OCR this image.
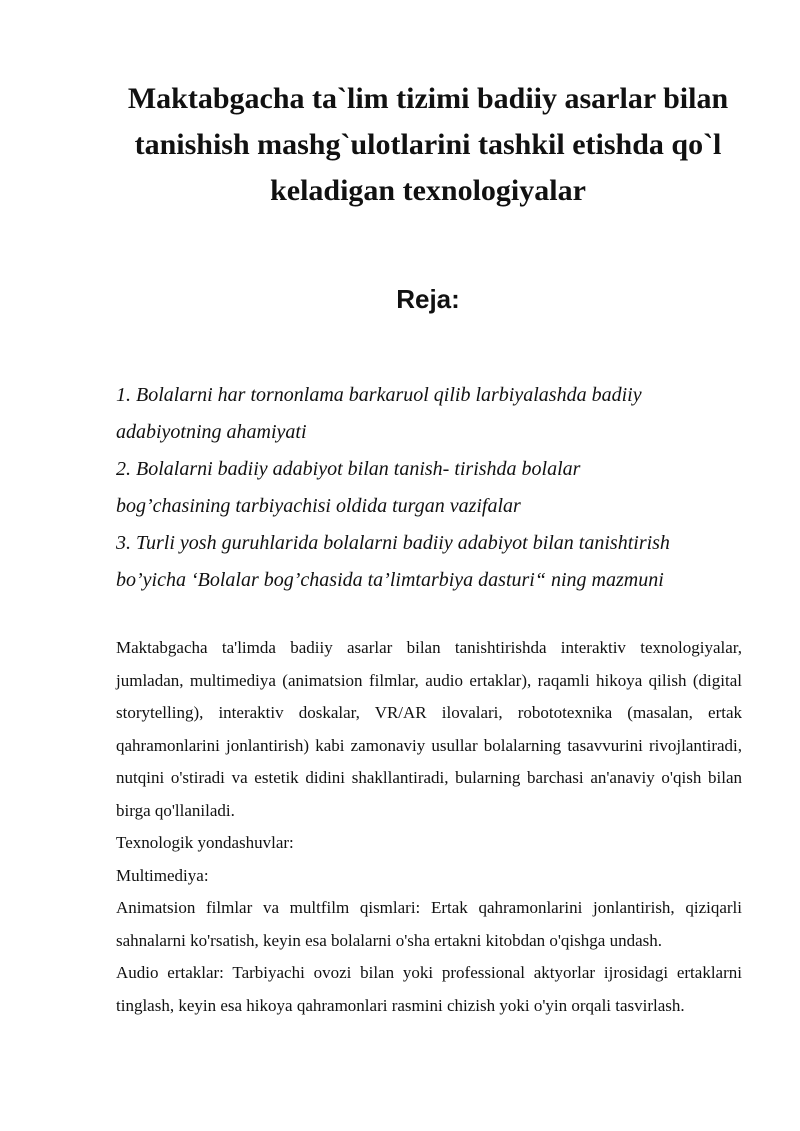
Maktabgacha ta`lim tizimi badiiy asarlar bilan
tanishish mashg`ulotlarini tashkil etishda qo`l
keladigan texnologiyalar
Reja:
1. Bolalarni har tornonlama barkaruol qilib larbiyalashda badiiy
adabiyotning ahamiyati
2. Bolalarni badiiy adabiyot bilan tanish- tirishda bolalar
bog’chasining tarbiyachisi oldida turgan vazifalar
3. Turli yosh guruhlarida bolalarni badiiy adabiyot bilan tanishtirish
bo’yicha ‘Bolalar bog’chasida ta’limtarbiya dasturi“ ning mazmuni

Maktabgacha ta'limda badiiy asarlar bilan tanishtirishda interaktiv texnologiyalar, jumladan, multimediya (animatsion filmlar, audio ertaklar), raqamli hikoya qilish (digital storytelling), interaktiv doskalar, VR/AR ilovalari, robototexnika (masalan, ertak qahramonlarini jonlantirish) kabi zamonaviy usullar bolalarning tasavvurini rivojlantiradi, nutqini o'stiradi va estetik didini shakllantiradi, bularning barchasi an'anaviy o'qish bilan birga qo'llaniladi.

Texnologik yondashuvlar:

Multimediya:

Animatsion filmlar va multfilm qismlari: Ertak qahramonlarini jonlantirish, qiziqarli sahnalarni ko'rsatish, keyin esa bolalarni o'sha ertakni kitobdan o'qishga undash.

Audio ertaklar: Tarbiyachi ovozi bilan yoki professional aktyorlar ijrosidagi ertaklarni tinglash, keyin esa hikoya qahramonlari rasmini chizish yoki o'yin orqali tasvirlash.
